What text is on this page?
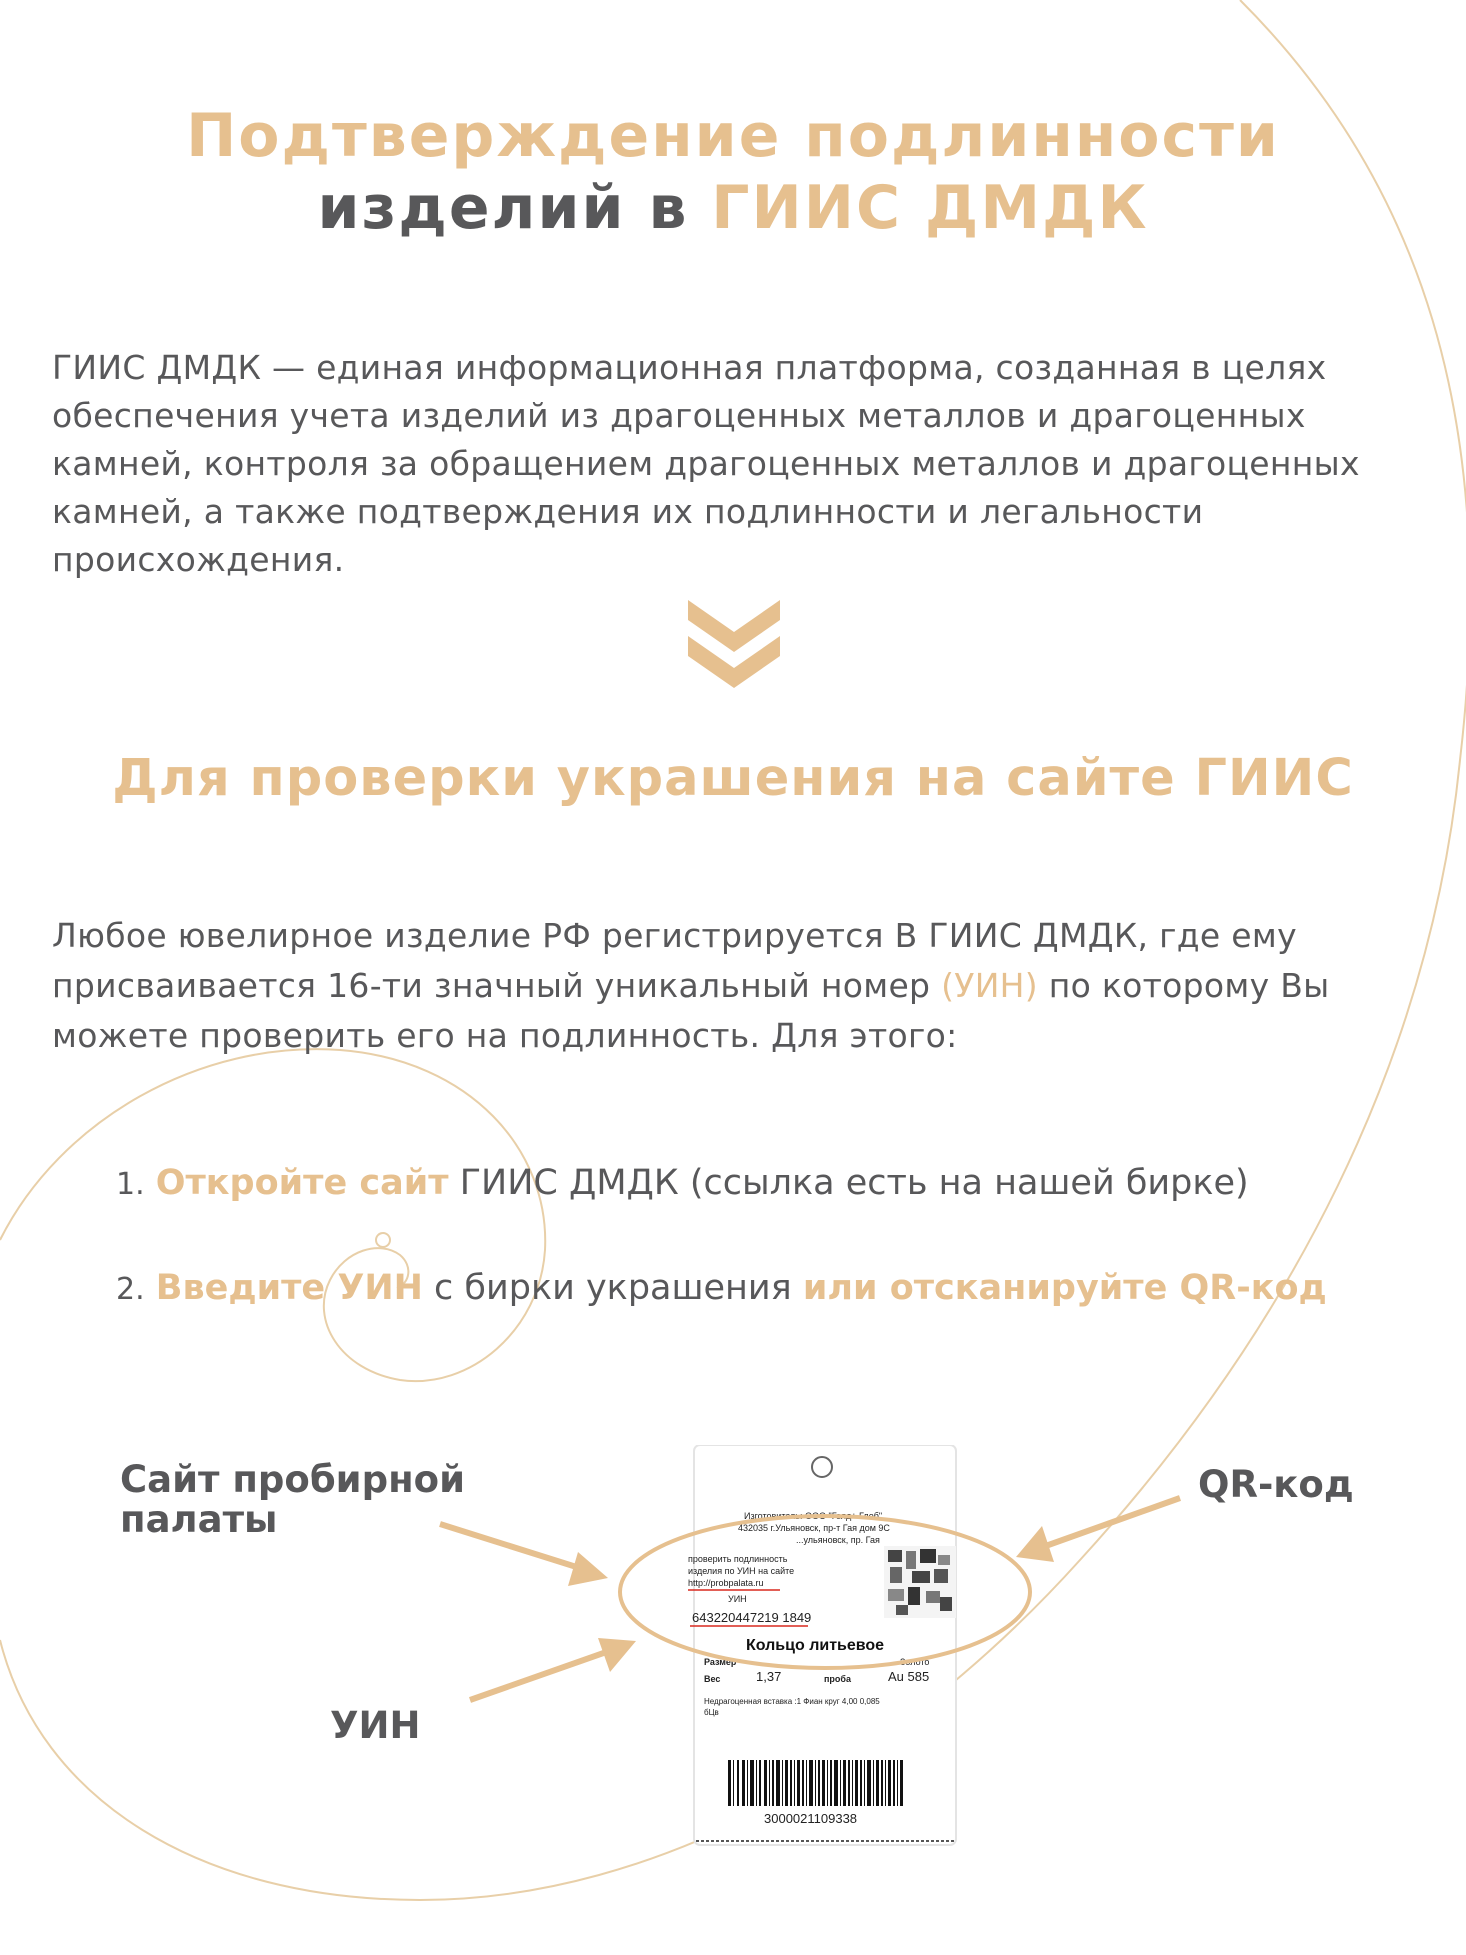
Подтверждение подлинности
изделий в ГИИС ДМДК

ГИИС ДМДК — единая информационная платформа, созданная в целях обеспечения учета изделий из драгоценных металлов и драгоценных камней, контроля за обращением драгоценных металлов и драгоценных камней, а также подтверждения их подлинности и легальности происхождения.

Для проверки украшения на сайте ГИИС

Любое ювелирное изделие РФ регистрируется В ГИИС ДМДК, где ему присваивается 16-ти значный уникальный номер (УИН) по которому Вы можете проверить его на подлинность. Для этого:

1. Откройте сайт ГИИС ДМДК (ссылка есть на нашей бирке)
2. Введите УИН с бирки украшения или отсканируйте QR-код
Сайт пробирной палаты
QR-код
УИН
Изготовитель: ООО "Голд+ Глоб"
432035 г.Ульяновск, пр-т Гая дом 9С
...ульяновск, пр. Гая
проверить подлинность
изделия по УИН на сайте
http://probpalata.ru
УИН
643220447219 1849
Кольцо литьевое
Размер	Золото
Вес	1,37	проба	Au 585
Недрагоценная вставка :1 Фиан круг 4,00 0,085
бЦв
3000021109338
